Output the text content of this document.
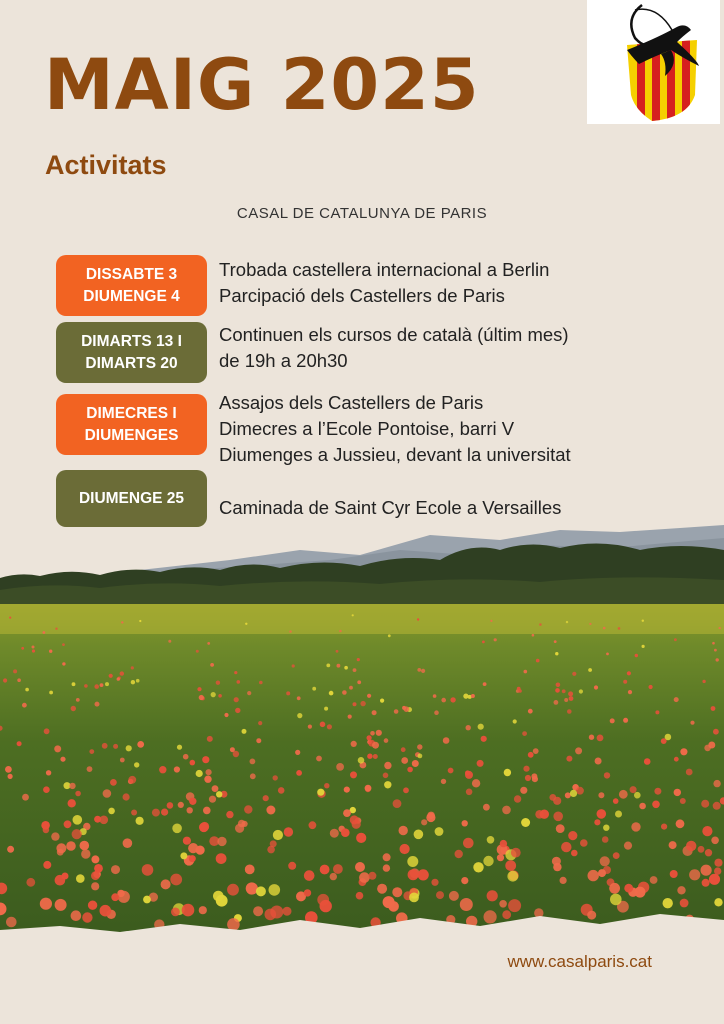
MAIG 2025
Activitats
CASAL DE CATALUNYA DE PARIS
DISSABTE 3
DIUMENGE 4
Trobada castellera internacional a Berlin
Parcipació dels Castellers de Paris
DIMARTS 13 I
DIMARTS 20
Continuen els cursos de català (últim mes)
de 19h a 20h30
DIMECRES I
DIUMENGES
Assajos dels Castellers de Paris
Dimecres a l’Ecole Pontoise, barri V
Diumenges a Jussieu, devant la universitat
DIUMENGE 25	Caminada de Saint Cyr Ecole a Versailles
www.casalparis.cat
